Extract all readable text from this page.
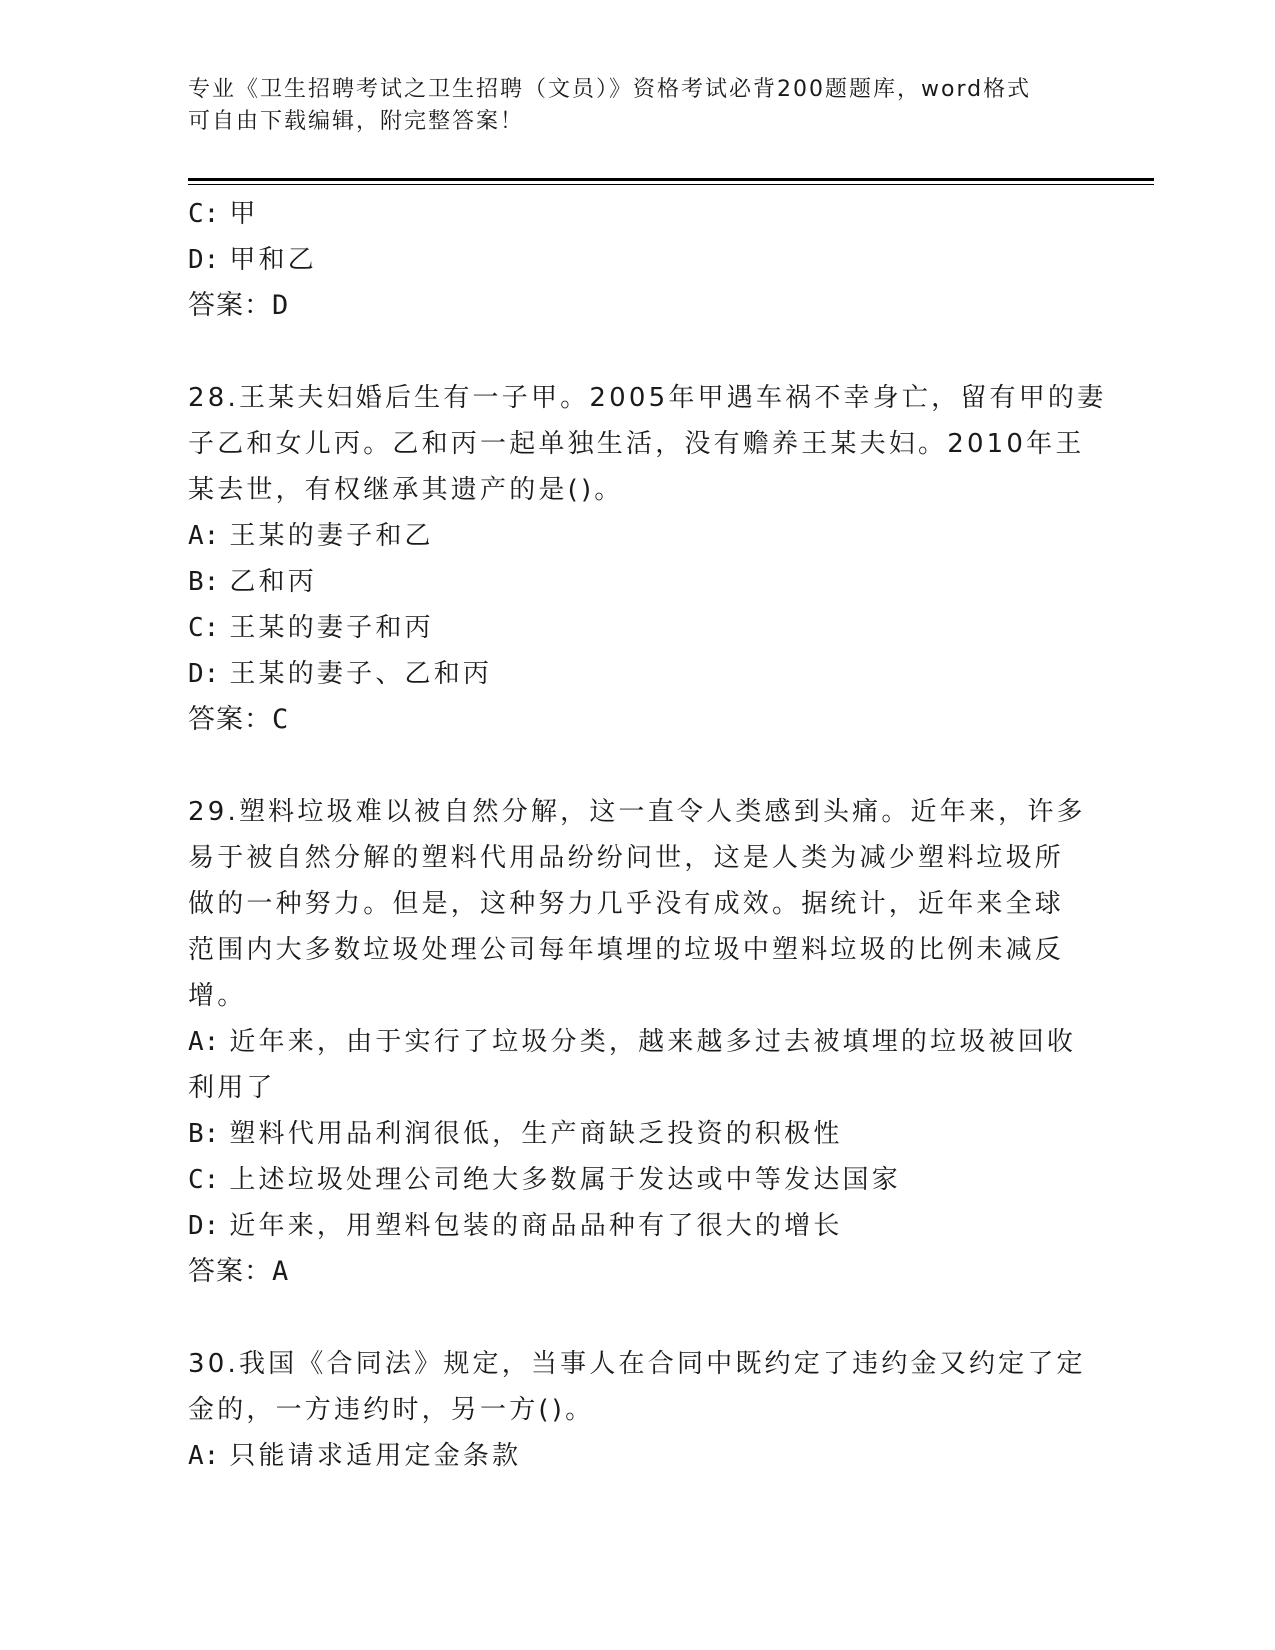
专业《卫生招聘考试之卫生招聘（文员）》资格考试必背200题题库，word格式
可自由下载编辑，附完整答案！
C: 甲
D: 甲和乙
答案：D
28.王某夫妇婚后生有一子甲。2005年甲遇车祸不幸身亡，留有甲的妻
子乙和女儿丙。乙和丙一起单独生活，没有赡养王某夫妇。2010年王
某去世，有权继承其遗产的是()。
A: 王某的妻子和乙
B: 乙和丙
C: 王某的妻子和丙
D: 王某的妻子、乙和丙
答案：C
29.塑料垃圾难以被自然分解，这一直令人类感到头痛。近年来，许多
易于被自然分解的塑料代用品纷纷问世，这是人类为减少塑料垃圾所
做的一种努力。但是，这种努力几乎没有成效。据统计，近年来全球
范围内大多数垃圾处理公司每年填埋的垃圾中塑料垃圾的比例未减反
增。
A: 近年来，由于实行了垃圾分类，越来越多过去被填埋的垃圾被回收
利用了
B: 塑料代用品利润很低，生产商缺乏投资的积极性
C: 上述垃圾处理公司绝大多数属于发达或中等发达国家
D: 近年来，用塑料包装的商品品种有了很大的增长
答案：A
30.我国《合同法》规定，当事人在合同中既约定了违约金又约定了定
金的，一方违约时，另一方()。
A: 只能请求适用定金条款
